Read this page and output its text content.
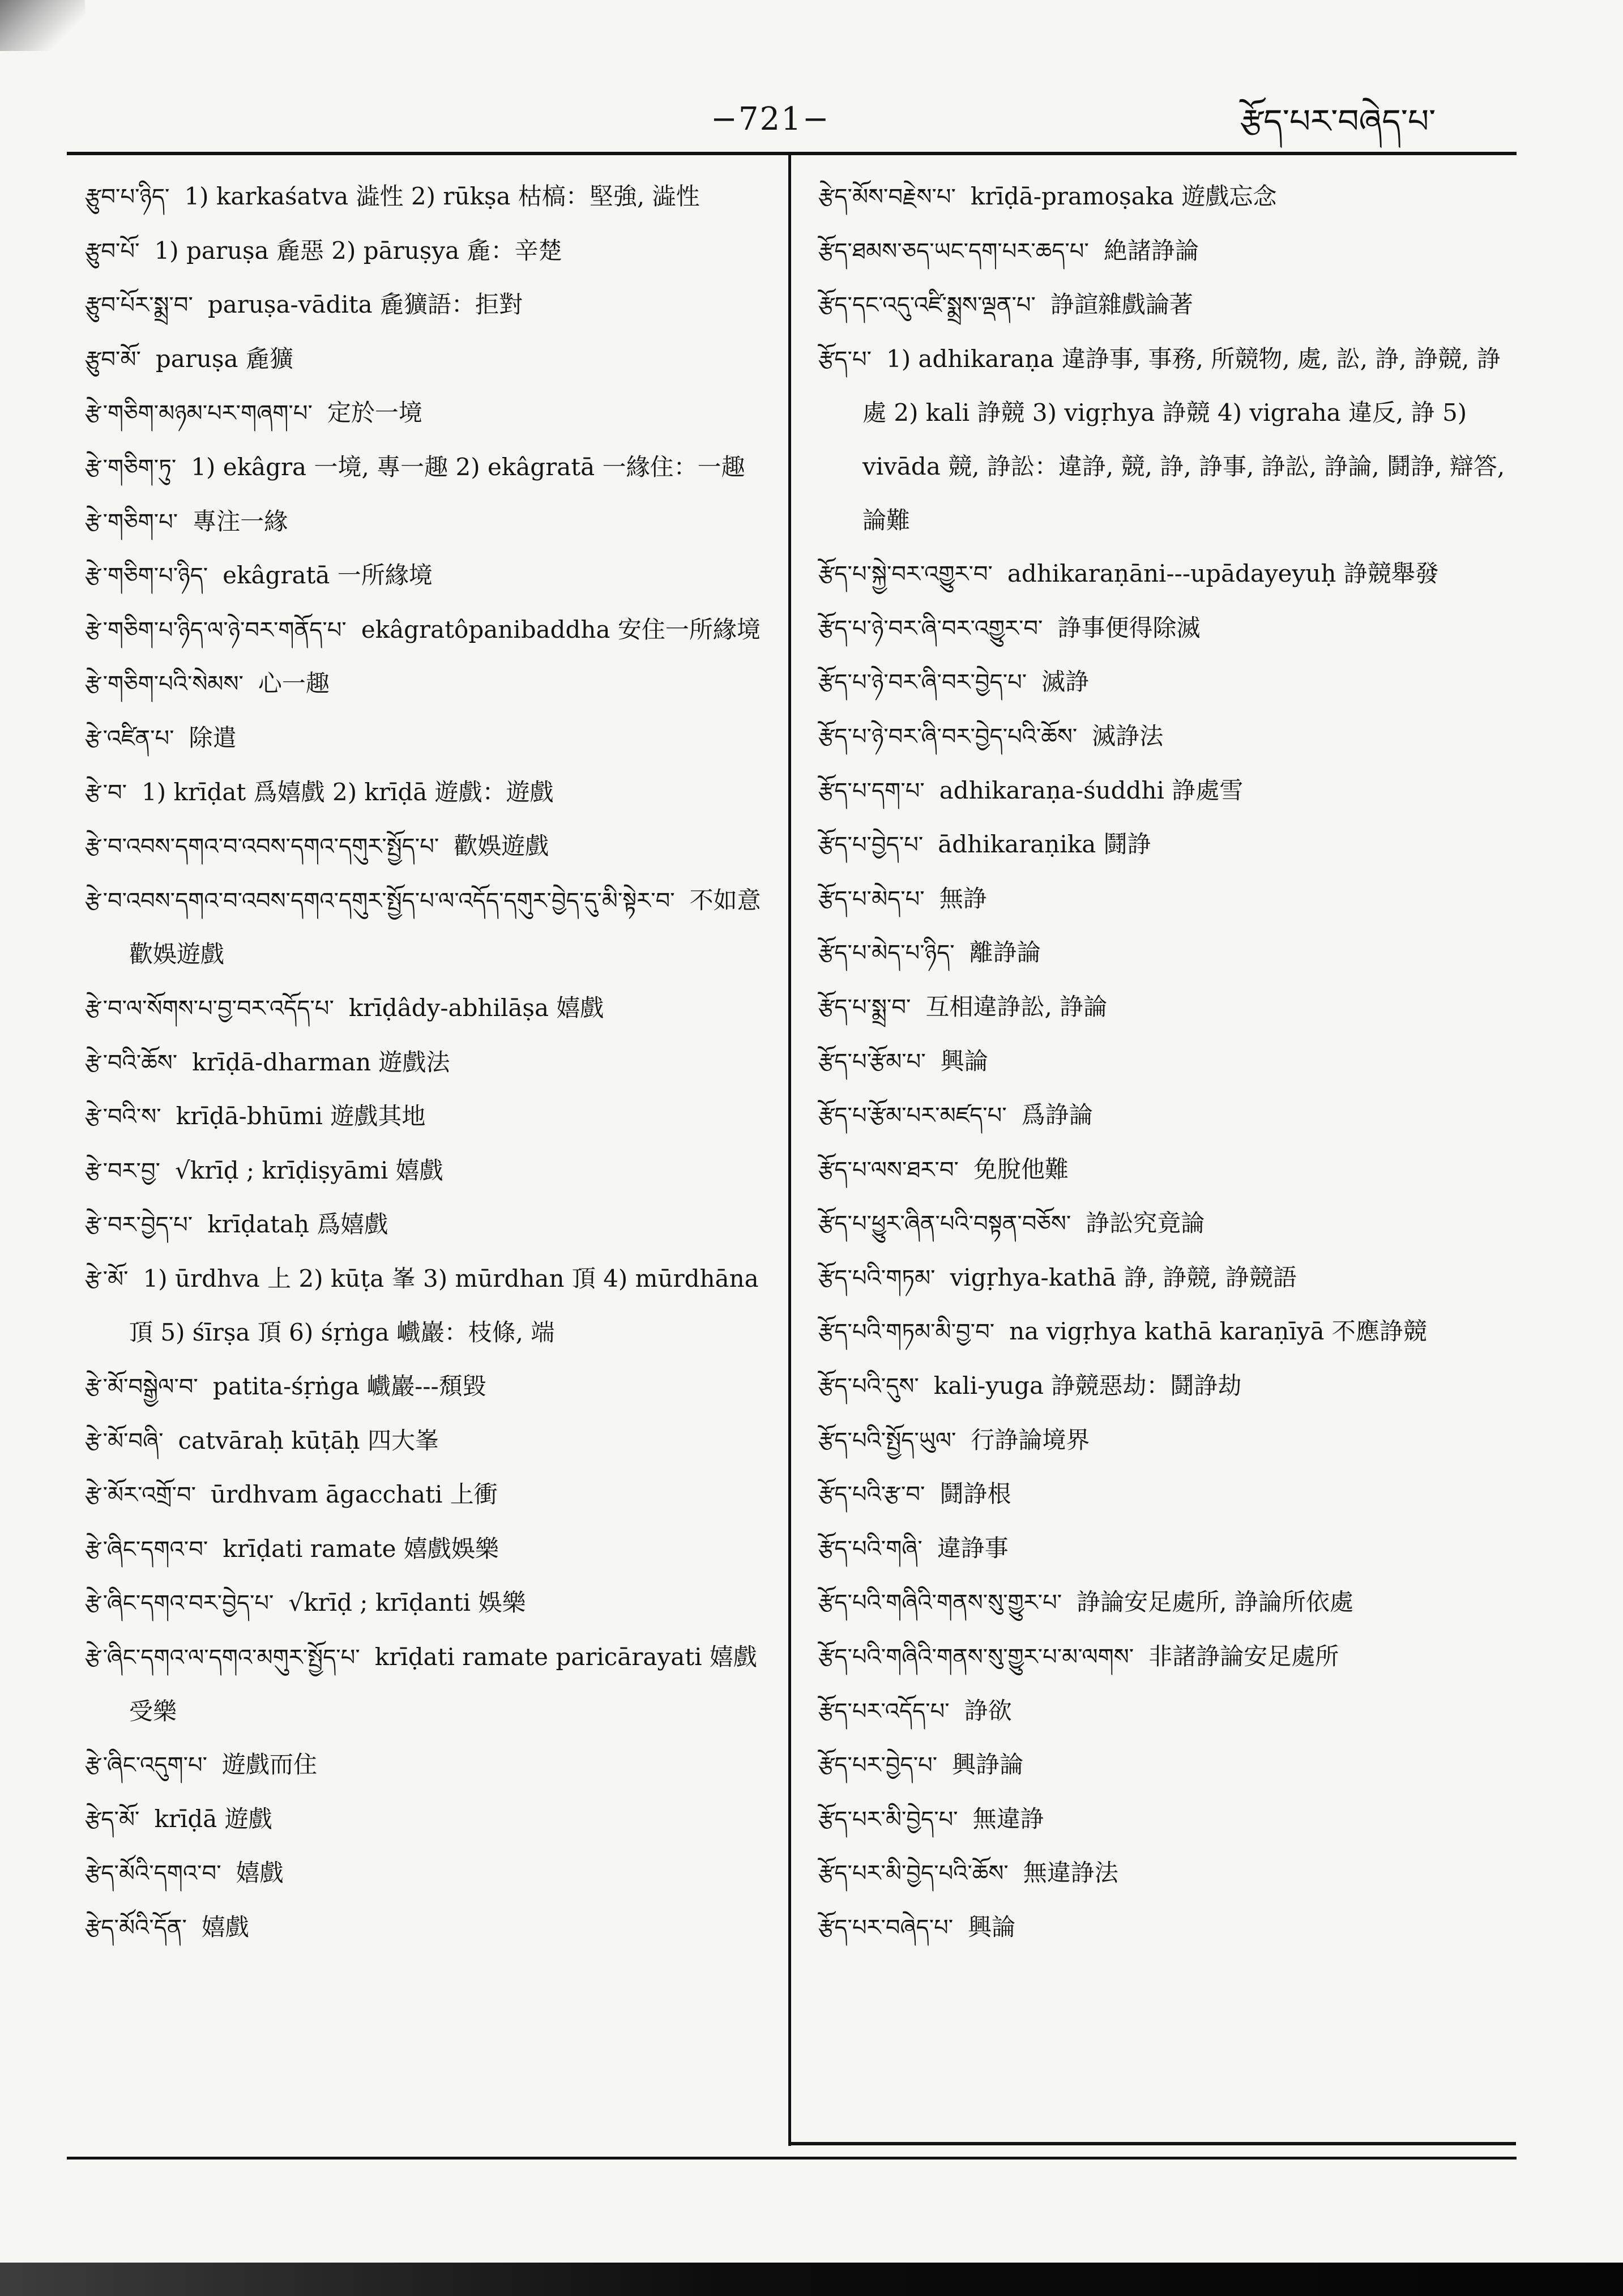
−721−	རྩོད་པར་བཞེད་པ་
རྩུབ་པ་ཉིད་ 1) karkaśatva 澁性 2) rūkṣa 枯槁：堅強, 澁性
རྩུབ་པོ་ 1) paruṣa 麁惡 2) pāruṣya 麁：辛楚
རྩུབ་པོར་སྨྲ་བ་ paruṣa-vādita 麁獷語：拒對
རྩུབ་མོ་ paruṣa 麁獷
རྩེ་གཅིག་མཉམ་པར་གཞག་པ་ 定於一境
རྩེ་གཅིག་ཏུ་ 1) ekâgra 一境, 專一趣 2) ekâgratā 一緣住：一趣
རྩེ་གཅིག་པ་ 專注一緣
རྩེ་གཅིག་པ་ཉིད་ ekâgratā 一所緣境
རྩེ་གཅིག་པ་ཉིད་ལ་ཉེ་བར་གནོད་པ་ ekâgratôpanibaddha 安住一所緣境
རྩེ་གཅིག་པའི་སེམས་ 心一趣
རྩེ་འཛིན་པ་ 除遣
རྩེ་བ་ 1) krīḍat 爲嬉戲 2) krīḍā 遊戲：遊戲
རྩེ་བ་འབས་དགའ་བ་འབས་དགའ་དགུར་སྤྱོད་པ་ 歡娛遊戲
རྩེ་བ་འབས་དགའ་བ་འབས་དགའ་དགུར་སྤྱོད་པ་ལ་འདོད་དགུར་བྱེད་དུ་མི་སྟེར་བ་ 不如意歡娛遊戲
རྩེ་བ་ལ་སོགས་པ་བྱ་བར་འདོད་པ་ krīḍâdy-abhilāṣa 嬉戲
རྩེ་བའི་ཆོས་ krīḍā-dharman 遊戲法
རྩེ་བའི་ས་ krīḍā-bhūmi 遊戲其地
རྩེ་བར་བྱ་ √krīḍ ; krīḍiṣyāmi 嬉戲
རྩེ་བར་བྱེད་པ་ krīḍataḥ 爲嬉戲
རྩེ་མོ་ 1) ūrdhva 上 2) kūṭa 峯 3) mūrdhan 頂 4) mūrdhāna 頂 5) śīrṣa 頂 6) śṛṅga 巇巖：枝條, 端
རྩེ་མོ་བསྒྱེལ་བ་ patita-śṛṅga 巇巖---頹毀
རྩེ་མོ་བཞི་ catvāraḥ kūṭāḥ 四大峯
རྩེ་མོར་འགྲོ་བ་ ūrdhvam āgacchati 上衝
རྩེ་ཞིང་དགའ་བ་ krīḍati ramate 嬉戲娛樂
རྩེ་ཞིང་དགའ་བར་བྱེད་པ་ √krīḍ ; krīḍanti 娛樂
རྩེ་ཞིང་དགའ་ལ་དགའ་མགུར་སྤྱོད་པ་ krīḍati ramate paricārayati 嬉戲受樂
རྩེ་ཞིང་འདུག་པ་ 遊戲而住
རྩེད་མོ་ krīḍā 遊戲
རྩེད་མོའི་དགའ་བ་ 嬉戲
རྩེད་མོའི་དོན་ 嬉戲
རྩེད་མོས་བརྗེས་པ་ krīḍā-pramoṣaka 遊戲忘念
རྩོད་ཐམས་ཅད་ཡང་དག་པར་ཆད་པ་ 絶諸諍論
རྩོད་དང་འདུ་འཛི་སྨྲས་ལྡན་པ་ 諍諠雜戲論著
རྩོད་པ་ 1) adhikaraṇa 違諍事, 事務, 所競物, 處, 訟, 諍, 諍競, 諍處 2) kali 諍競 3) vigṛhya 諍競 4) vigraha 違反, 諍 5) vivāda 競, 諍訟：違諍, 競, 諍, 諍事, 諍訟, 諍論, 鬪諍, 辯答, 論難
རྩོད་པ་སྐྱེ་བར་འགྱུར་བ་ adhikaraṇāni---upādayeyuḥ 諍競舉發
རྩོད་པ་ཉེ་བར་ཞི་བར་འགྱུར་བ་ 諍事便得除滅
རྩོད་པ་ཉེ་བར་ཞི་བར་བྱེད་པ་ 滅諍
རྩོད་པ་ཉེ་བར་ཞི་བར་བྱེད་པའི་ཆོས་ 滅諍法
རྩོད་པ་དག་པ་ adhikaraṇa-śuddhi 諍處雪
རྩོད་པ་བྱེད་པ་ ādhikaraṇika 鬪諍
རྩོད་པ་མེད་པ་ 無諍
རྩོད་པ་མེད་པ་ཉིད་ 離諍論
རྩོད་པ་སྨྲ་བ་ 互相違諍訟, 諍論
རྩོད་པ་རྩོམ་པ་ 興論
རྩོད་པ་རྩོམ་པར་མཛད་པ་ 爲諍論
རྩོད་པ་ལས་ཐར་བ་ 免脫他難
རྩོད་པ་ཕྱུར་ཞིན་པའི་བསྟན་བཅོས་ 諍訟究竟論
རྩོད་པའི་གཏམ་ vigṛhya-kathā 諍, 諍競, 諍競語
རྩོད་པའི་གཏམ་མི་བྱ་བ་ na vigṛhya kathā karaṇīyā 不應諍競
རྩོད་པའི་དུས་ kali-yuga 諍競惡劫：鬪諍劫
རྩོད་པའི་སྤྱོད་ཡུལ་ 行諍論境界
རྩོད་པའི་རྩ་བ་ 鬪諍根
རྩོད་པའི་གཞི་ 違諍事
རྩོད་པའི་གཞིའི་གནས་སུ་གྱུར་པ་ 諍論安足處所, 諍論所依處
རྩོད་པའི་གཞིའི་གནས་སུ་གྱུར་པ་མ་ལགས་ 非諸諍論安足處所
རྩོད་པར་འདོད་པ་ 諍欲
རྩོད་པར་བྱེད་པ་ 興諍論
རྩོད་པར་མི་བྱེད་པ་ 無違諍
རྩོད་པར་མི་བྱེད་པའི་ཆོས་ 無違諍法
རྩོད་པར་བཞེད་པ་ 興論
